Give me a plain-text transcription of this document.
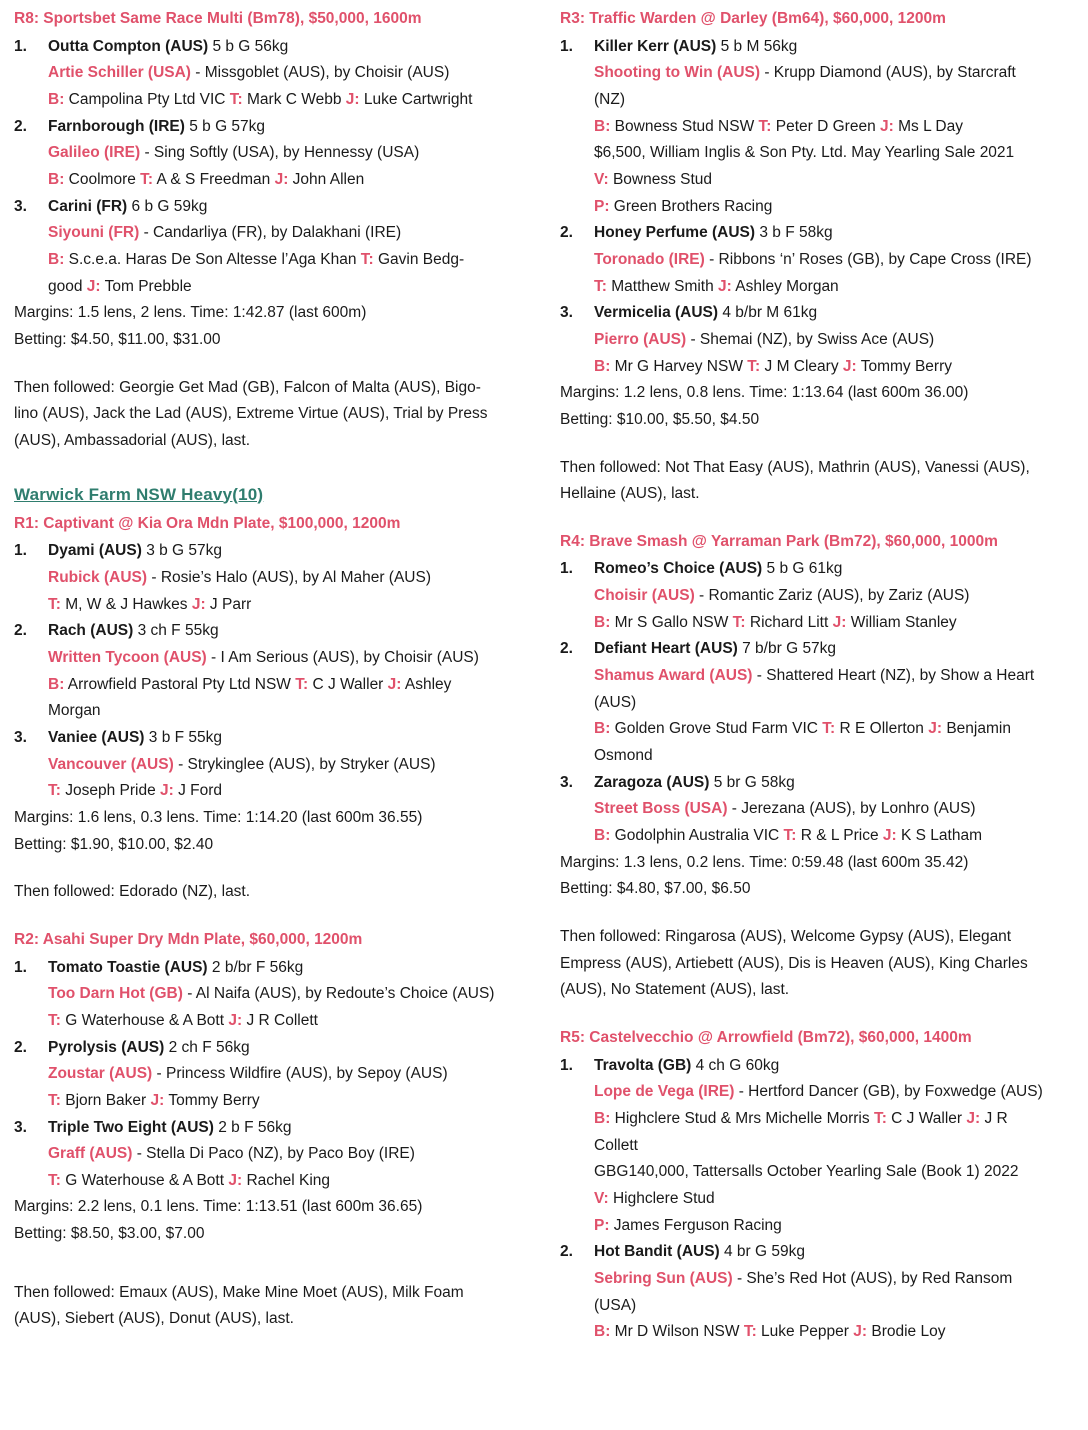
R8: Sportsbet Same Race Multi (Bm78), $50,000, 1600m
1.	Outta Compton (AUS) 5 b G 56kg
Artie Schiller (USA) - Missgoblet (AUS), by Choisir (AUS)
B: Campolina Pty Ltd VIC T: Mark C Webb J: Luke Cartwright
2.	Farnborough (IRE) 5 b G 57kg
Galileo (IRE) - Sing Softly (USA), by Hennessy (USA)
B: Coolmore T: A & S Freedman J: John Allen
3.	Carini (FR) 6 b G 59kg
Siyouni (FR) - Candarliya (FR), by Dalakhani (IRE)
B: S.c.e.a. Haras De Son Altesse l’Aga Khan T: Gavin Bedg-
good J: Tom Prebble
Margins: 1.5 lens, 2 lens. Time: 1:42.87 (last 600m)
Betting: $4.50, $11.00, $31.00
Then followed: Georgie Get Mad (GB), Falcon of Malta (AUS), Bigo-
lino (AUS), Jack the Lad (AUS), Extreme Virtue (AUS), Trial by Press
(AUS), Ambassadorial (AUS), last.
Warwick Farm NSW Heavy(10)
R1: Captivant @ Kia Ora Mdn Plate, $100,000, 1200m
1.	Dyami (AUS) 3 b G 57kg
Rubick (AUS) - Rosie’s Halo (AUS), by Al Maher (AUS)
T: M, W & J Hawkes J: J Parr
2.	Rach (AUS) 3 ch F 55kg
Written Tycoon (AUS) - I Am Serious (AUS), by Choisir (AUS)
B: Arrowfield Pastoral Pty Ltd NSW T: C J Waller J: Ashley
Morgan
3.	Vaniee (AUS) 3 b F 55kg
Vancouver (AUS) - Strykinglee (AUS), by Stryker (AUS)
T: Joseph Pride J: J Ford
Margins: 1.6 lens, 0.3 lens. Time: 1:14.20 (last 600m 36.55)
Betting: $1.90, $10.00, $2.40
Then followed: Edorado (NZ), last.
R2: Asahi Super Dry Mdn Plate, $60,000, 1200m
1.	Tomato Toastie (AUS) 2 b/br F 56kg
Too Darn Hot (GB) - Al Naifa (AUS), by Redoute’s Choice (AUS)
T: G Waterhouse & A Bott J: J R Collett
2.	Pyrolysis (AUS) 2 ch F 56kg
Zoustar (AUS) - Princess Wildfire (AUS), by Sepoy (AUS)
T: Bjorn Baker J: Tommy Berry
3.	Triple Two Eight (AUS) 2 b F 56kg
Graff (AUS) - Stella Di Paco (NZ), by Paco Boy (IRE)
T: G Waterhouse & A Bott J: Rachel King
Margins: 2.2 lens, 0.1 lens. Time: 1:13.51 (last 600m 36.65)
Betting: $8.50, $3.00, $7.00
Then followed: Emaux (AUS), Make Mine Moet (AUS), Milk Foam
(AUS), Siebert (AUS), Donut (AUS), last.
R3: Traffic Warden @ Darley (Bm64), $60,000, 1200m
1.	Killer Kerr (AUS) 5 b M 56kg
Shooting to Win (AUS) - Krupp Diamond (AUS), by Starcraft
(NZ)
B: Bowness Stud NSW T: Peter D Green J: Ms L Day
$6,500, William Inglis & Son Pty. Ltd. May Yearling Sale 2021
V: Bowness Stud
P: Green Brothers Racing
2.	Honey Perfume (AUS) 3 b F 58kg
Toronado (IRE) - Ribbons ‘n’ Roses (GB), by Cape Cross (IRE)
T: Matthew Smith J: Ashley Morgan
3.	Vermicelia (AUS) 4 b/br M 61kg
Pierro (AUS) - Shemai (NZ), by Swiss Ace (AUS)
B: Mr G Harvey NSW T: J M Cleary J: Tommy Berry
Margins: 1.2 lens, 0.8 lens. Time: 1:13.64 (last 600m 36.00)
Betting: $10.00, $5.50, $4.50
Then followed: Not That Easy (AUS), Mathrin (AUS), Vanessi (AUS),
Hellaine (AUS), last.
R4: Brave Smash @ Yarraman Park (Bm72), $60,000, 1000m
1.	Romeo’s Choice (AUS) 5 b G 61kg
Choisir (AUS) - Romantic Zariz (AUS), by Zariz (AUS)
B: Mr S Gallo NSW T: Richard Litt J: William Stanley
2.	Defiant Heart (AUS) 7 b/br G 57kg
Shamus Award (AUS) - Shattered Heart (NZ), by Show a Heart
(AUS)
B: Golden Grove Stud Farm VIC T: R E Ollerton J: Benjamin
Osmond
3.	Zaragoza (AUS) 5 br G 58kg
Street Boss (USA) - Jerezana (AUS), by Lonhro (AUS)
B: Godolphin Australia VIC T: R & L Price J: K S Latham
Margins: 1.3 lens, 0.2 lens. Time: 0:59.48 (last 600m 35.42)
Betting: $4.80, $7.00, $6.50
Then followed: Ringarosa (AUS), Welcome Gypsy (AUS), Elegant
Empress (AUS), Artiebett (AUS), Dis is Heaven (AUS), King Charles
(AUS), No Statement (AUS), last.
R5: Castelvecchio @ Arrowfield (Bm72), $60,000, 1400m
1.	Travolta (GB) 4 ch G 60kg
Lope de Vega (IRE) - Hertford Dancer (GB), by Foxwedge (AUS)
B: Highclere Stud & Mrs Michelle Morris T: C J Waller J: J R
Collett
GBG140,000, Tattersalls October Yearling Sale (Book 1) 2022
V: Highclere Stud
P: James Ferguson Racing
2.	Hot Bandit (AUS) 4 br G 59kg
Sebring Sun (AUS) - She’s Red Hot (AUS), by Red Ransom
(USA)
B: Mr D Wilson NSW T: Luke Pepper J: Brodie Loy
